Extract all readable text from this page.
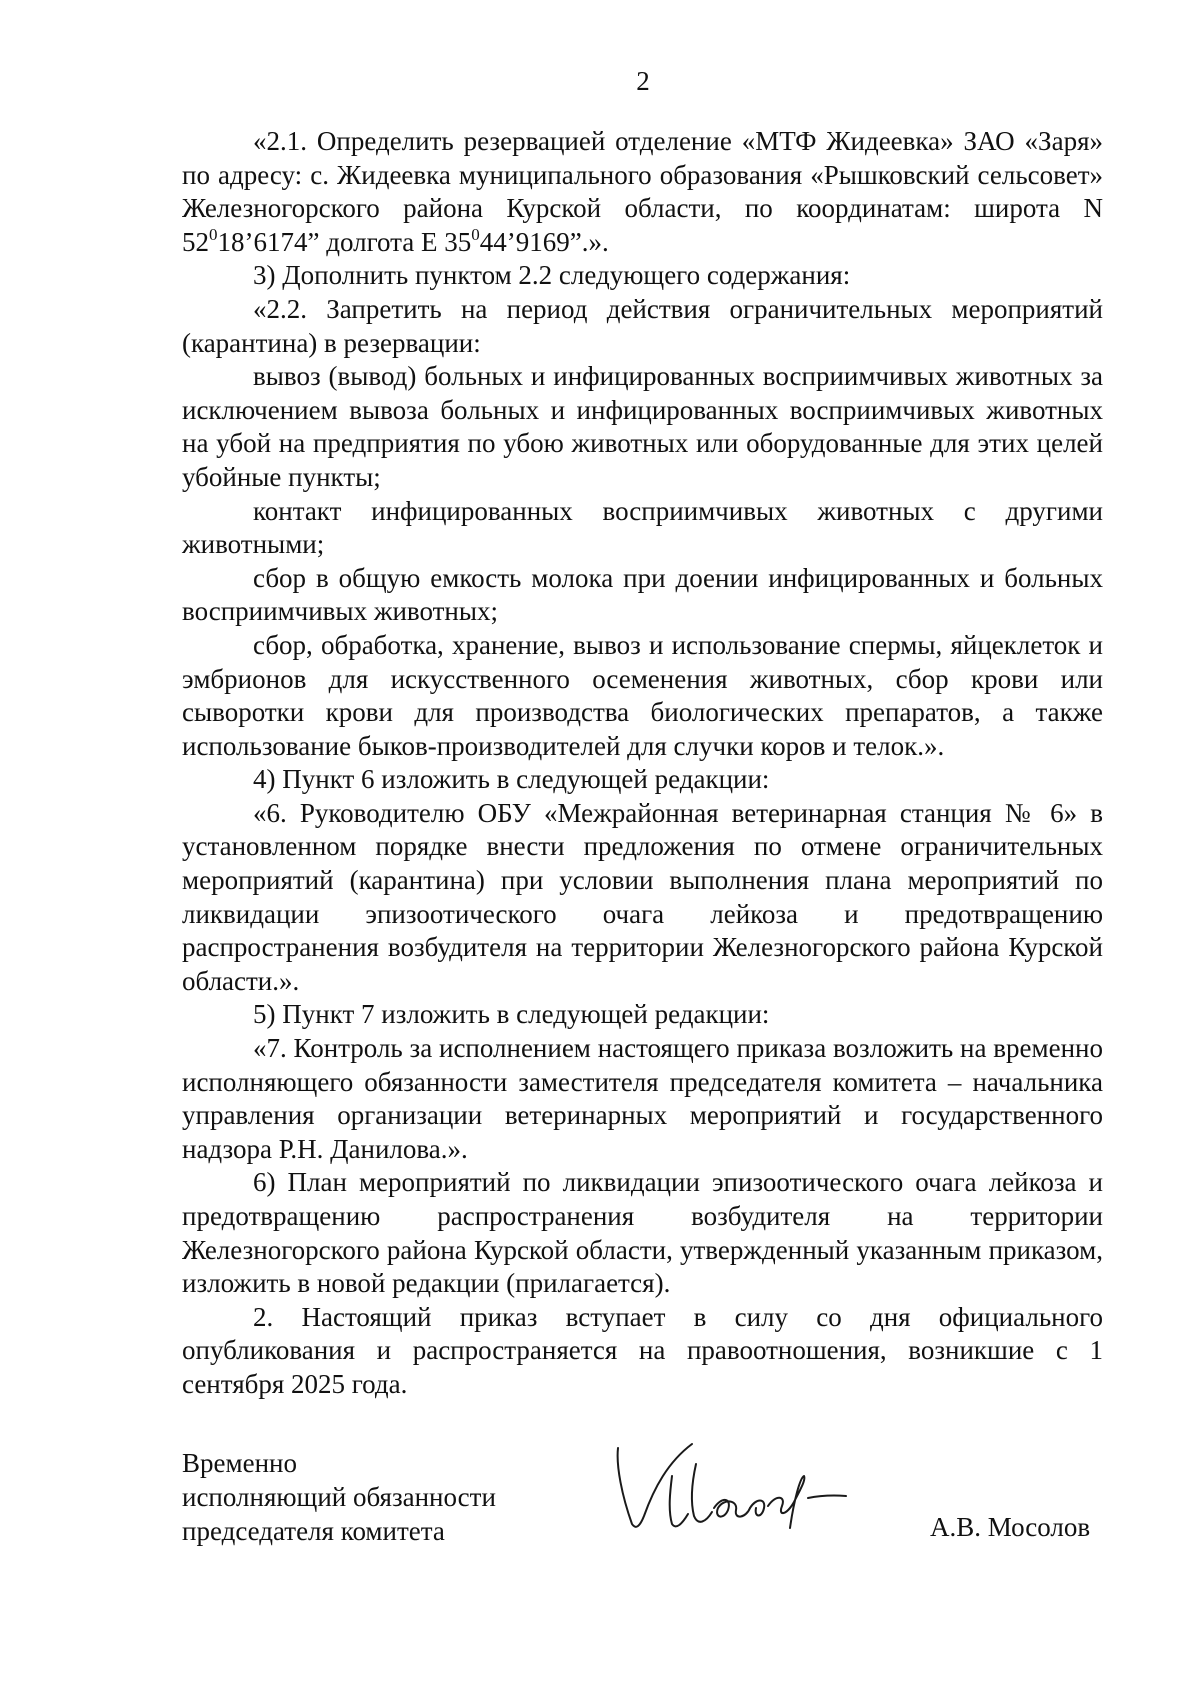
2

«2.1. Определить резервацией отделение «МТФ Жидеевка» ЗАО «Заря» по адресу: с. Жидеевка муниципального образования «Рышковский сельсовет» Железногорского района Курской области, по координатам: широта N $52^018’6174$” долгота E $35^044’9169$”.».

3) Дополнить пунктом 2.2 следующего содержания:

«2.2. Запретить на период действия ограничительных мероприятий (карантина) в резервации:

вывоз (вывод) больных и инфицированных восприимчивых животных за исключением вывоза больных и инфицированных восприимчивых животных на убой на предприятия по убою животных или оборудованные для этих целей убойные пункты;

контакт инфицированных восприимчивых животных с другими животными;

сбор в общую емкость молока при доении инфицированных и больных восприимчивых животных;

сбор, обработка, хранение, вывоз и использование спермы, яйцеклеток и эмбрионов для искусственного осеменения животных, сбор крови или сыворотки крови для производства биологических препаратов, а также использование быков-производителей для случки коров и телок.».

4) Пункт 6 изложить в следующей редакции:

«6. Руководителю ОБУ «Межрайонная ветеринарная станция № 6» в установленном порядке внести предложения по отмене ограничительных мероприятий (карантина) при условии выполнения плана мероприятий по ликвидации эпизоотического очага лейкоза и предотвращению распространения возбудителя на территории Железногорского района Курской области.».

5) Пункт 7 изложить в следующей редакции:

«7. Контроль за исполнением настоящего приказа возложить на временно исполняющего обязанности заместителя председателя комитета – начальника управления организации ветеринарных мероприятий и государственного надзора Р.Н. Данилова.».

6) План мероприятий по ликвидации эпизоотического очага лейкоза и предотвращению распространения возбудителя на территории Железногорского района Курской области, утвержденный указанным приказом, изложить в новой редакции (прилагается).

2. Настоящий приказ вступает в силу со дня официального опубликования и распространяется на правоотношения, возникшие с 1 сентября 2025 года.

Временно
исполняющий обязанности
председателя комитета	А.В. Мосолов
